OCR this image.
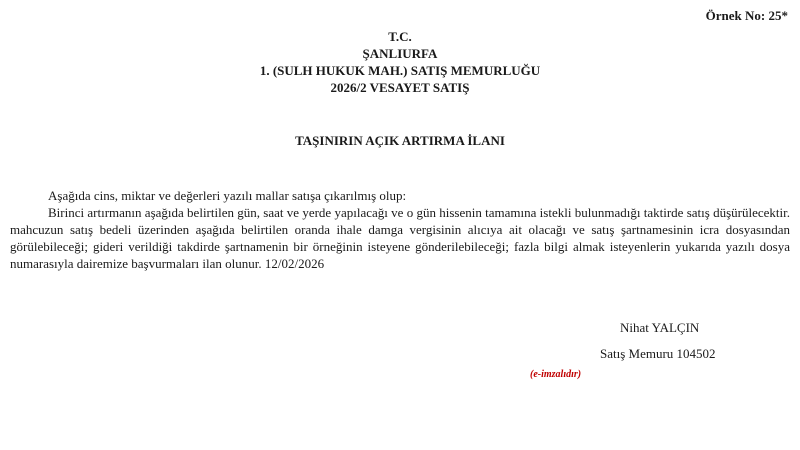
Örnek No: 25*
T.C.
ŞANLIURFA
1. (SULH HUKUK MAH.) SATIŞ MEMURLUĞU
2026/2 VESAYET SATIŞ
TAŞINIRIN AÇIK ARTIRMA İLANI

Aşağıda cins, miktar ve değerleri yazılı mallar satışa çıkarılmış olup:

Birinci artırmanın aşağıda belirtilen gün, saat ve yerde yapılacağı ve o gün hissenin tamamına istekli bulunmadığı taktirde satış düşürülecektir. mahcuzun satış bedeli üzerinden aşağıda belirtilen oranda ihale damga vergisinin alıcıya ait olacağı ve satış şartnamesinin icra dosyasından görülebileceği; gideri verildiği takdirde şartnamenin bir örneğinin isteyene gönderilebileceği; fazla bilgi almak isteyenlerin yukarıda yazılı dosya numarasıyla dairemize başvurmaları ilan olunur. 12/02/2026

Nihat YALÇIN
Satış Memuru 104502
(e-imzalıdır)
